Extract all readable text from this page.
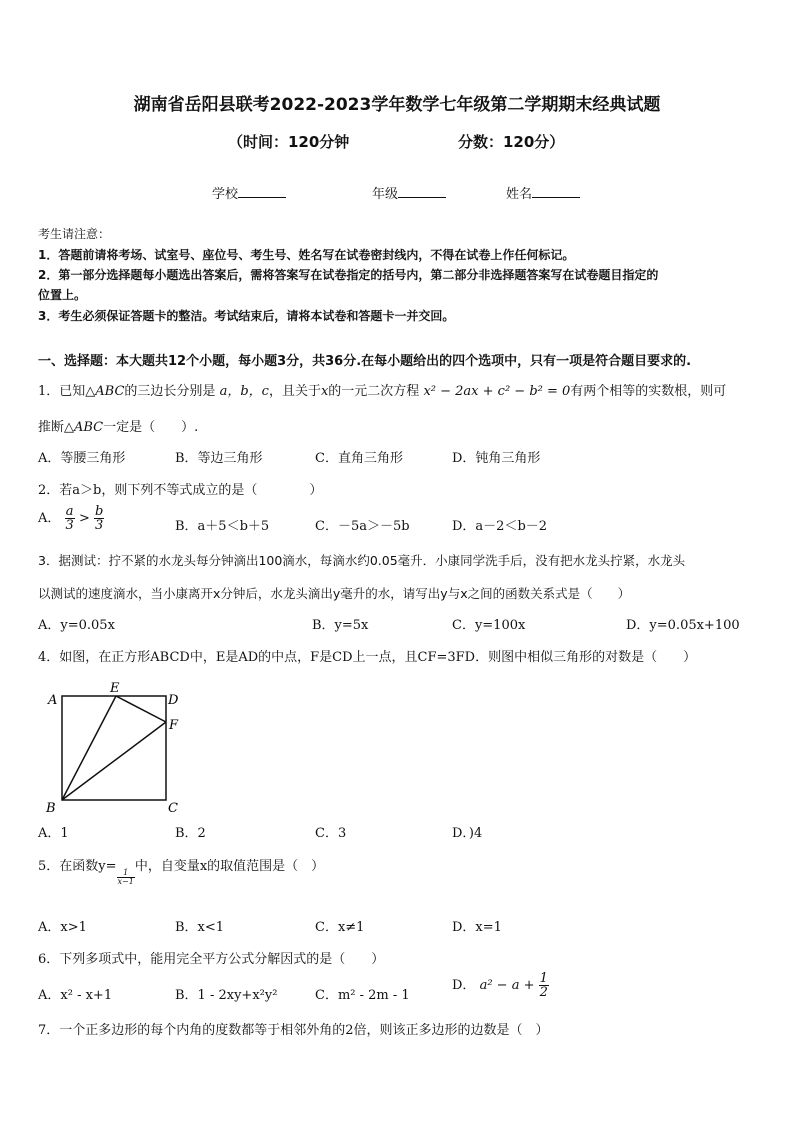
湖南省岳阳县联考2022-2023学年数学七年级第二学期期末经典试题
（时间：120分钟	分数：120分）
学校	年级	姓名
考生请注意：
1．答题前请将考场、试室号、座位号、考生号、姓名写在试卷密封线内，不得在试卷上作任何标记。
2．第一部分选择题每小题选出答案后，需将答案写在试卷指定的括号内，第二部分非选择题答案写在试卷题目指定的
位置上。
3．考生必须保证答题卡的整洁。考试结束后，请将本试卷和答题卡一并交回。
一、选择题：本大题共12个小题，每小题3分，共36分.在每小题给出的四个选项中，只有一项是符合题目要求的.
1．已知△ABC的三边长分别是 a，b，c，且关于x的一元二次方程 x² − 2ax + c² − b² = 0有两个相等的实数根，则可
推断△ABC一定是（　　）.
A．等腰三角形	B．等边三角形	C．直角三角形	D．钝角三角形
2．若a＞b，则下列不等式成立的是（　　　　）
A． $\frac{a}{3} > \frac{b}{3}$	B．a＋5＜b＋5	C．－5a＞－5b	D．a－2＜b－2
3．据测试：拧不紧的水龙头每分钟滴出100滴水，每滴水约0.05毫升．小康同学洗手后，没有把水龙头拧紧，水龙头
以测试的速度滴水，当小康离开x分钟后，水龙头滴出y毫升的水，请写出y与x之间的函数关系式是（　　）
A．y=0.05x	B．y=5x	C．y=100x	D．y=0.05x+100
4．如图，在正方形ABCD中，E是AD的中点，F是CD上一点，且CF=3FD．则图中相似三角形的对数是（　　）
A
E
D
F
B	C
A．1	B．2	C．3	D．)4
5．在函数y=
$\frac{1}{x-1}$
中，自变量x的取值范围是（　）
A．x>1	B．x<1	C．x≠1	D．x=1
6．下列多项式中，能用完全平方公式分解因式的是（　　）
A．x² - x+1	B．1 - 2xy+x²y²	C．m² - 2m - 1
D． $a^2 - a + \frac{1}{2}$
7．一个正多边形的每个内角的度数都等于相邻外角的2倍，则该正多边形的边数是（　）
